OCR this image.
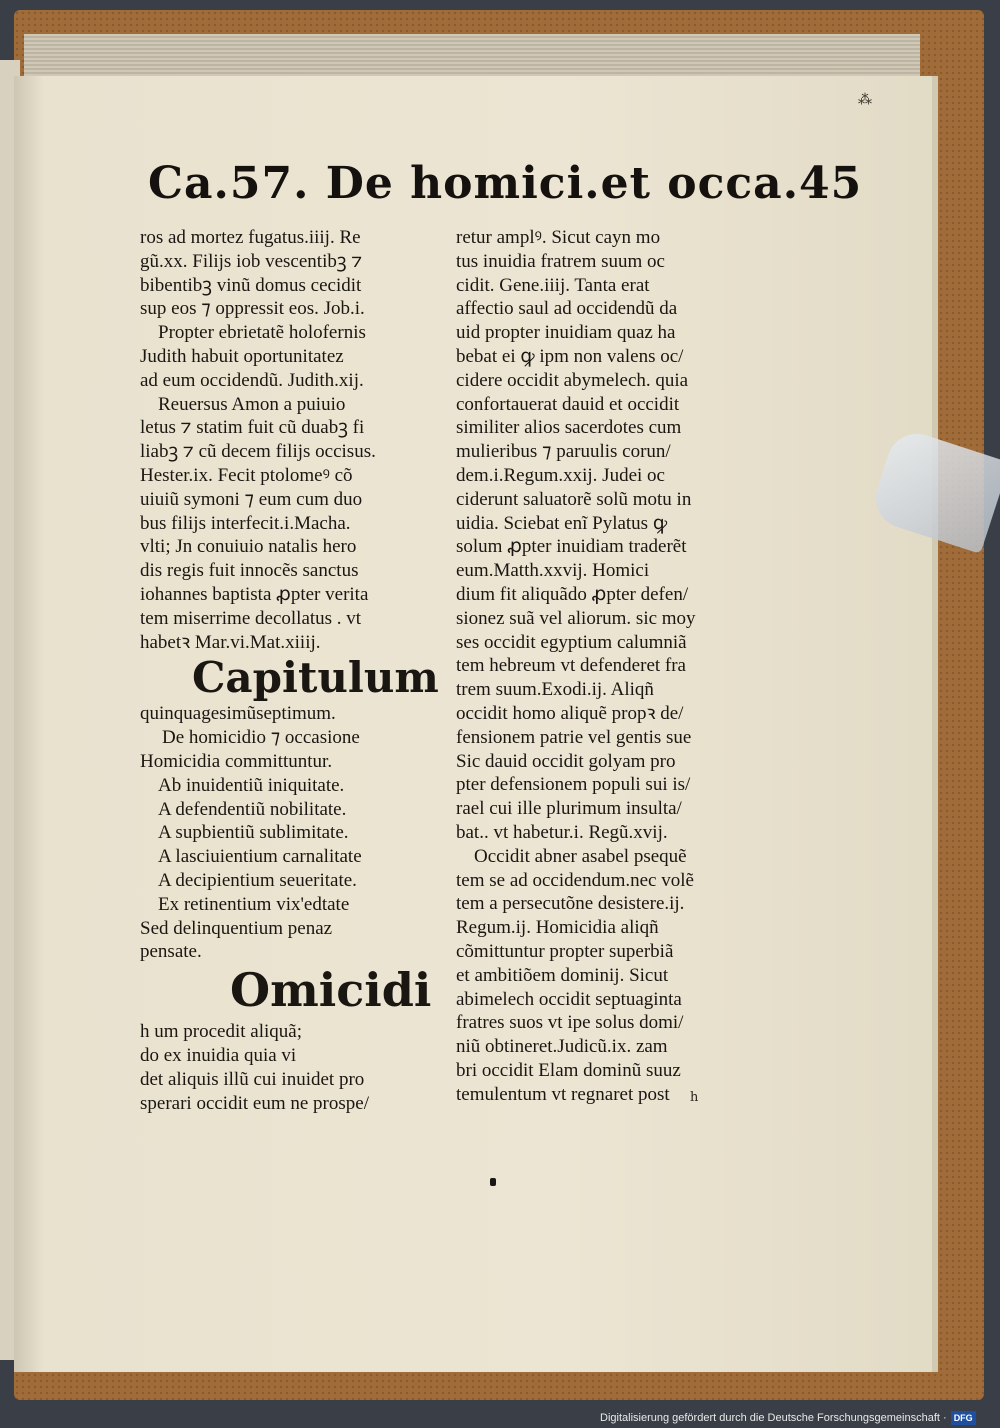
⁂
Ca.57. De homici.et occa.45
ros ad mortez fugatus.iiij. Re
gũ.xx. Filijs iob vescentibꝫ ⁊
bibentibꝫ vinũ domus cecidit
sup eos ⁊ oppressit eos. Job.i.
Propter ebrietatẽ holofernis
Judith habuit oportunitatez
ad eum occidendũ. Judith.xij.
Reuersus Amon a puiuio
letus ⁊ statim fuit cũ duabꝫ fi
liabꝫ ⁊ cũ decem filijs occisus.
Hester.ix. Fecit ptolomeꝰ cõ
uiuiũ symoni ⁊ eum cum duo
bus filijs interfecit.i.Macha.
vlti; Jn conuiuio natalis hero
dis regis fuit innocẽs sanctus
iohannes baptista ꝓpter verita
tem miserrime decollatus . vt
habetꝛ Mar.vi.Mat.xiiij.
Capitulum
quinquagesimũseptimum.
De homicidio ⁊ occasione
Homicidia committuntur.
Ab inuidentiũ iniquitate.
A defendentiũ nobilitate.
A supbientiũ sublimitate.
A lasciuientium carnalitate
A decipientium seueritate.
Ex retinentium vix'edtate
Sed delinquentium penaz
pensate.
Omicidi
h um procedit aliquã;
do ex inuidia quia vi
det aliquis illũ cui inuidet pro
sperari occidit eum ne prospe/
retur amplꝰ. Sicut cayn mo
tus inuidia fratrem suum oc
cidit. Gene.iiij. Tanta erat
affectio saul ad occidendũ da
uid propter inuidiam quaz ha
bebat ei ꝙ ipm non valens oc/
cidere occidit abymelech. quia
confortauerat dauid et occidit
similiter alios sacerdotes cum
mulieribus ⁊ paruulis corun/
dem.i.Regum.xxij. Judei oc
ciderunt saluatorẽ solũ motu in
uidia. Sciebat enĩ Pylatus ꝙ
solum ꝓpter inuidiam traderẽt
eum.Matth.xxvij. Homici
dium fit aliquãdo ꝓpter defen/
sionez suã vel aliorum. sic moy
ses occidit egyptium calumniã
tem hebreum vt defenderet fra
trem suum.Exodi.ij. Aliqñ
occidit homo aliquẽ propꝛ de/
fensionem patrie vel gentis sue
Sic dauid occidit golyam pro
pter defensionem populi sui is/
rael cui ille plurimum insulta/
bat.. vt habetur.i. Regũ.xvij.
Occidit abner asabel psequẽ
tem se ad occidendum.nec volẽ
tem a persecutõne desistere.ij.
Regum.ij. Homicidia aliqñ
cõmittuntur propter superbiã
et ambitiõem dominij. Sicut
abimelech occidit septuaginta
fratres suos vt ipe solus domi/
niũ obtineret.Judicũ.ix. zam
bri occidit Elam dominũ suuz
temulentum vt regnaret post	h
Digitalisierung gefördert durch die Deutsche Forschungsgemeinschaft · DFG
